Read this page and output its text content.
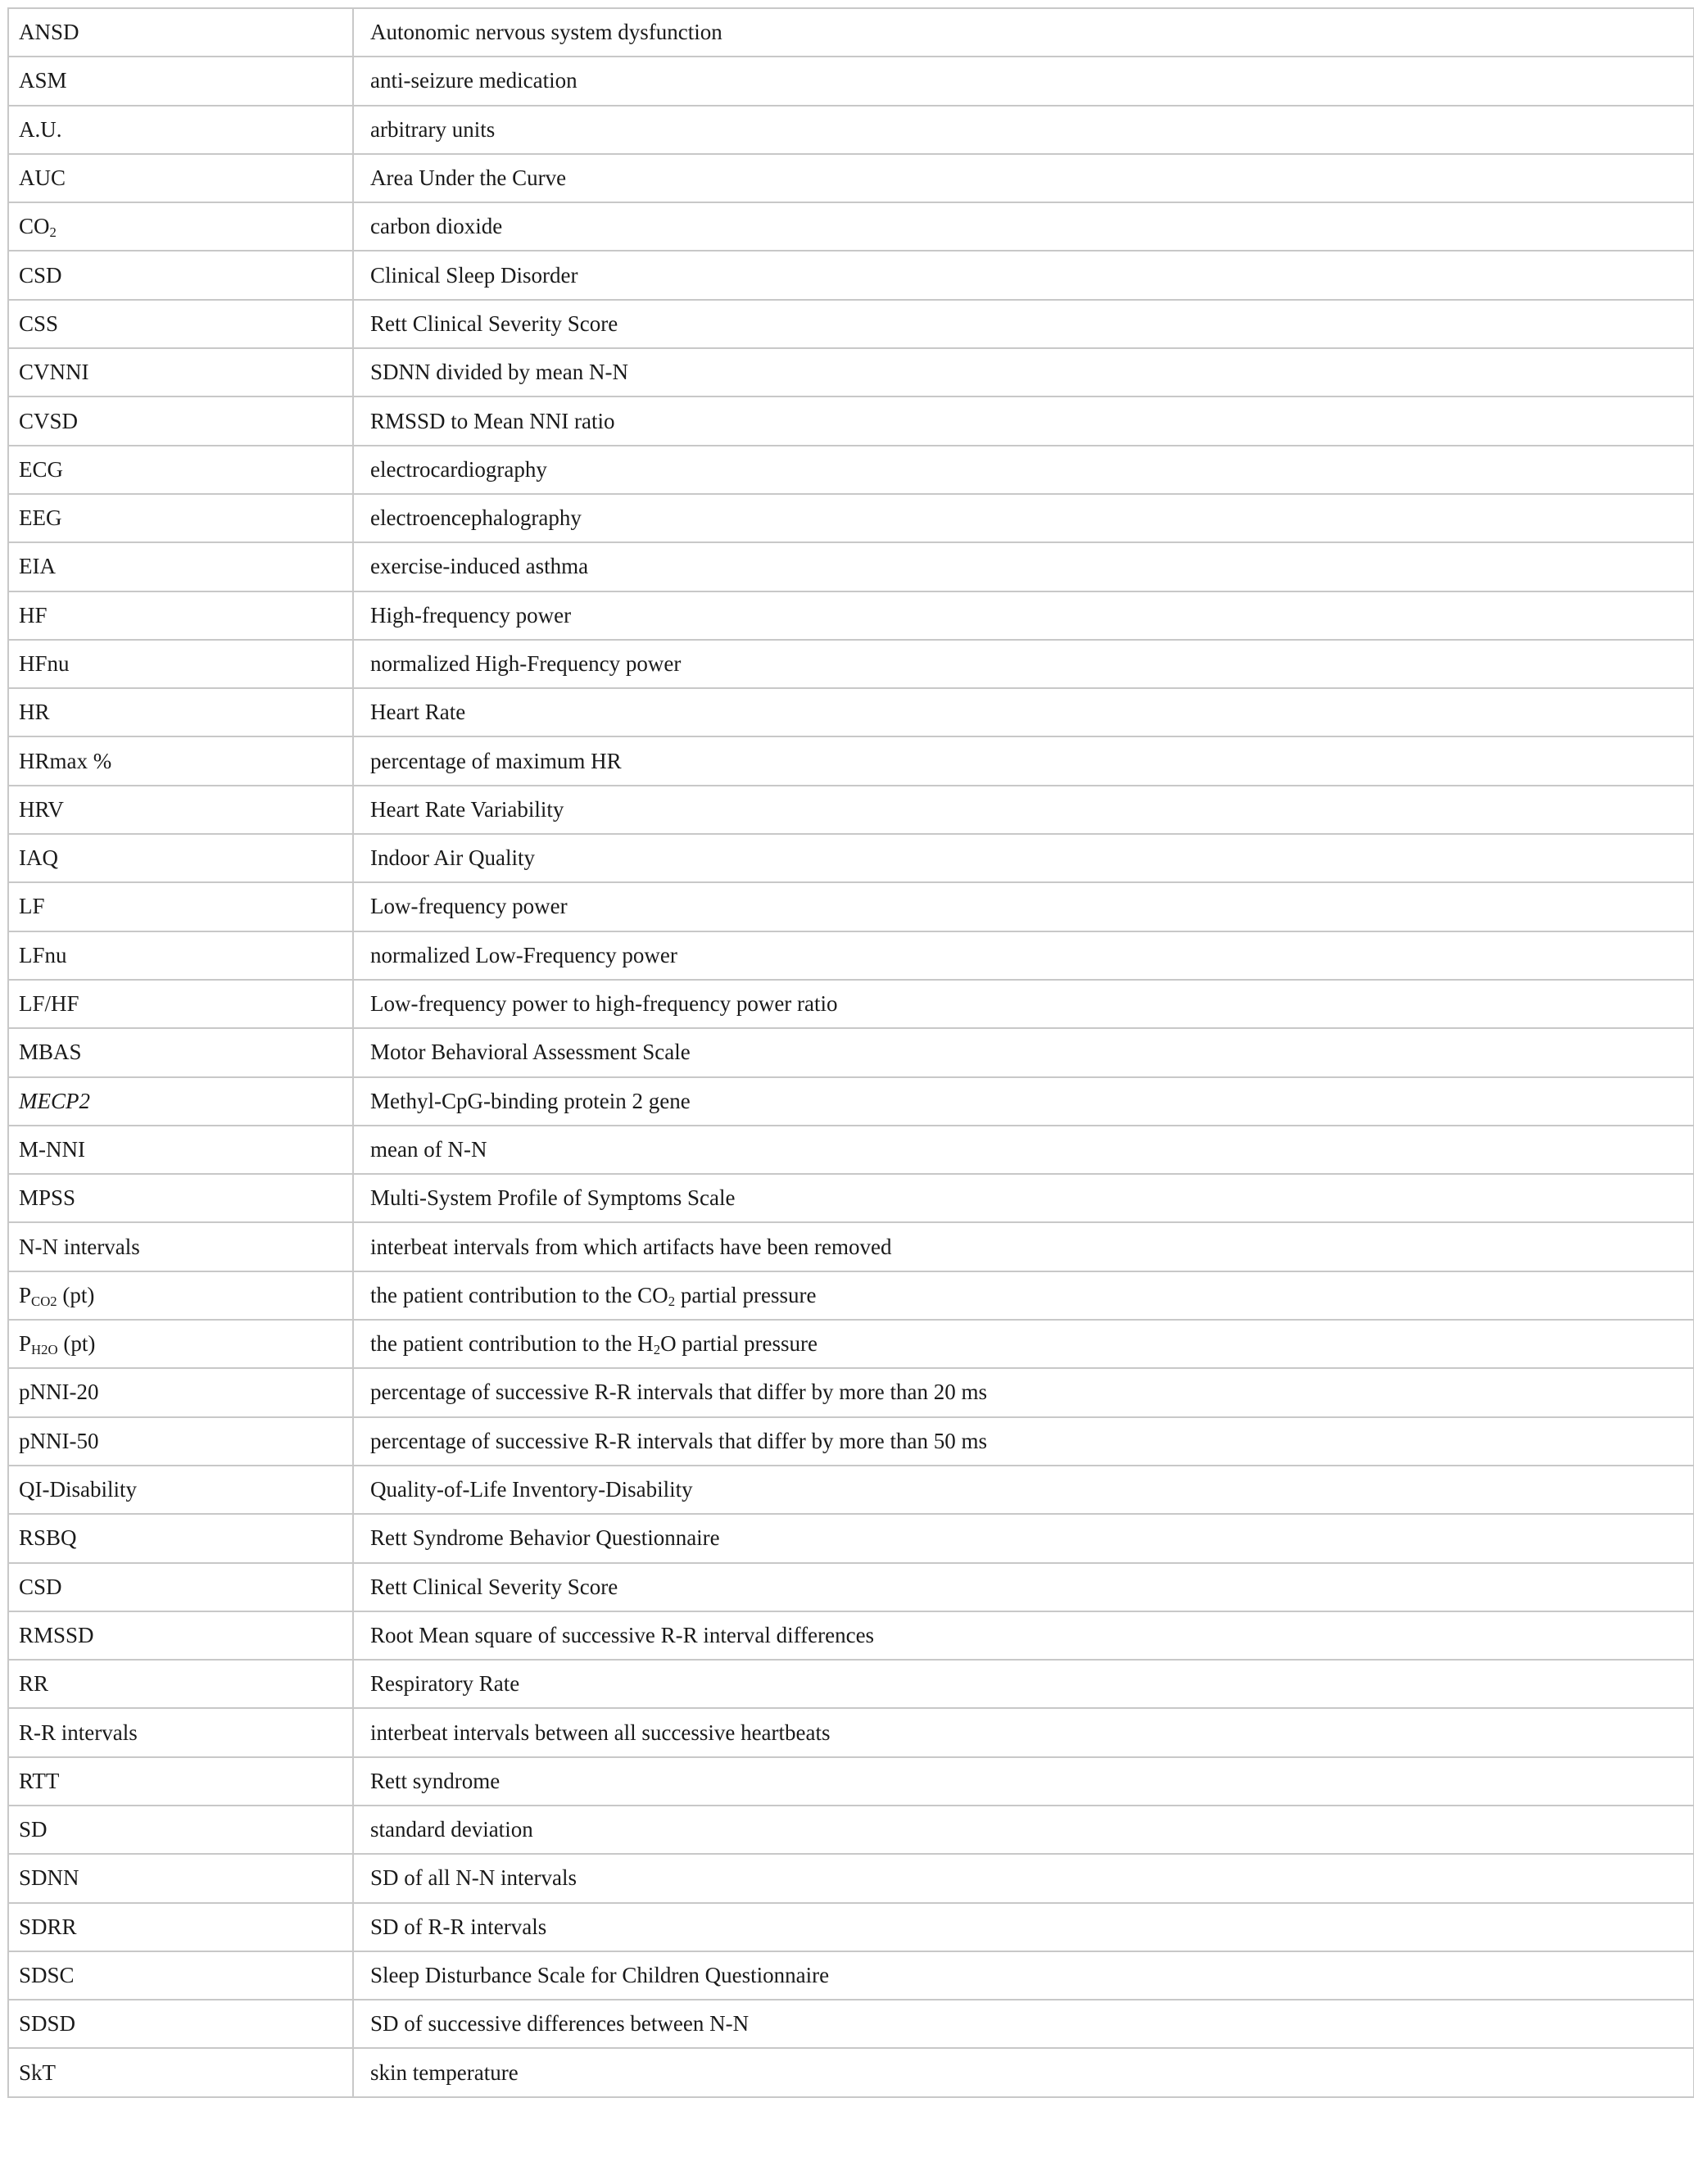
ANSD	Autonomic nervous system dysfunction
ASM	anti-seizure medication
A.U.	arbitrary units
AUC	Area Under the Curve
$CO_2$	carbon dioxide
CSD	Clinical Sleep Disorder
CSS	Rett Clinical Severity Score
CVNNI	SDNN divided by mean N-N
CVSD	RMSSD to Mean NNI ratio
ECG	electrocardiography
EEG	electroencephalography
EIA	exercise-induced asthma
HF	High-frequency power
HFnu	normalized High-Frequency power
HR	Heart Rate
HRmax %	percentage of maximum HR
HRV	Heart Rate Variability
IAQ	Indoor Air Quality
LF	Low-frequency power
LFnu	normalized Low-Frequency power
LF/HF	Low-frequency power to high-frequency power ratio
MBAS	Motor Behavioral Assessment Scale
MECP2	Methyl-CpG-binding protein 2 gene
M-NNI	mean of N-N
MPSS	Multi-System Profile of Symptoms Scale
N-N intervals	interbeat intervals from which artifacts have been removed
$P_{CO2}$ (pt)	the patient contribution to the $CO_2$ partial pressure
$P_{H2O}$ (pt)	the patient contribution to the $H_2O$ partial pressure
pNNI-20	percentage of successive R-R intervals that differ by more than 20 ms
pNNI-50	percentage of successive R-R intervals that differ by more than 50 ms
QI-Disability	Quality-of-Life Inventory-Disability
RSBQ	Rett Syndrome Behavior Questionnaire
CSD	Rett Clinical Severity Score
RMSSD	Root Mean square of successive R-R interval differences
RR	Respiratory Rate
R-R intervals	interbeat intervals between all successive heartbeats
RTT	Rett syndrome
SD	standard deviation
SDNN	SD of all N-N intervals
SDRR	SD of R-R intervals
SDSC	Sleep Disturbance Scale for Children Questionnaire
SDSD	SD of successive differences between N-N
SkT	skin temperature
